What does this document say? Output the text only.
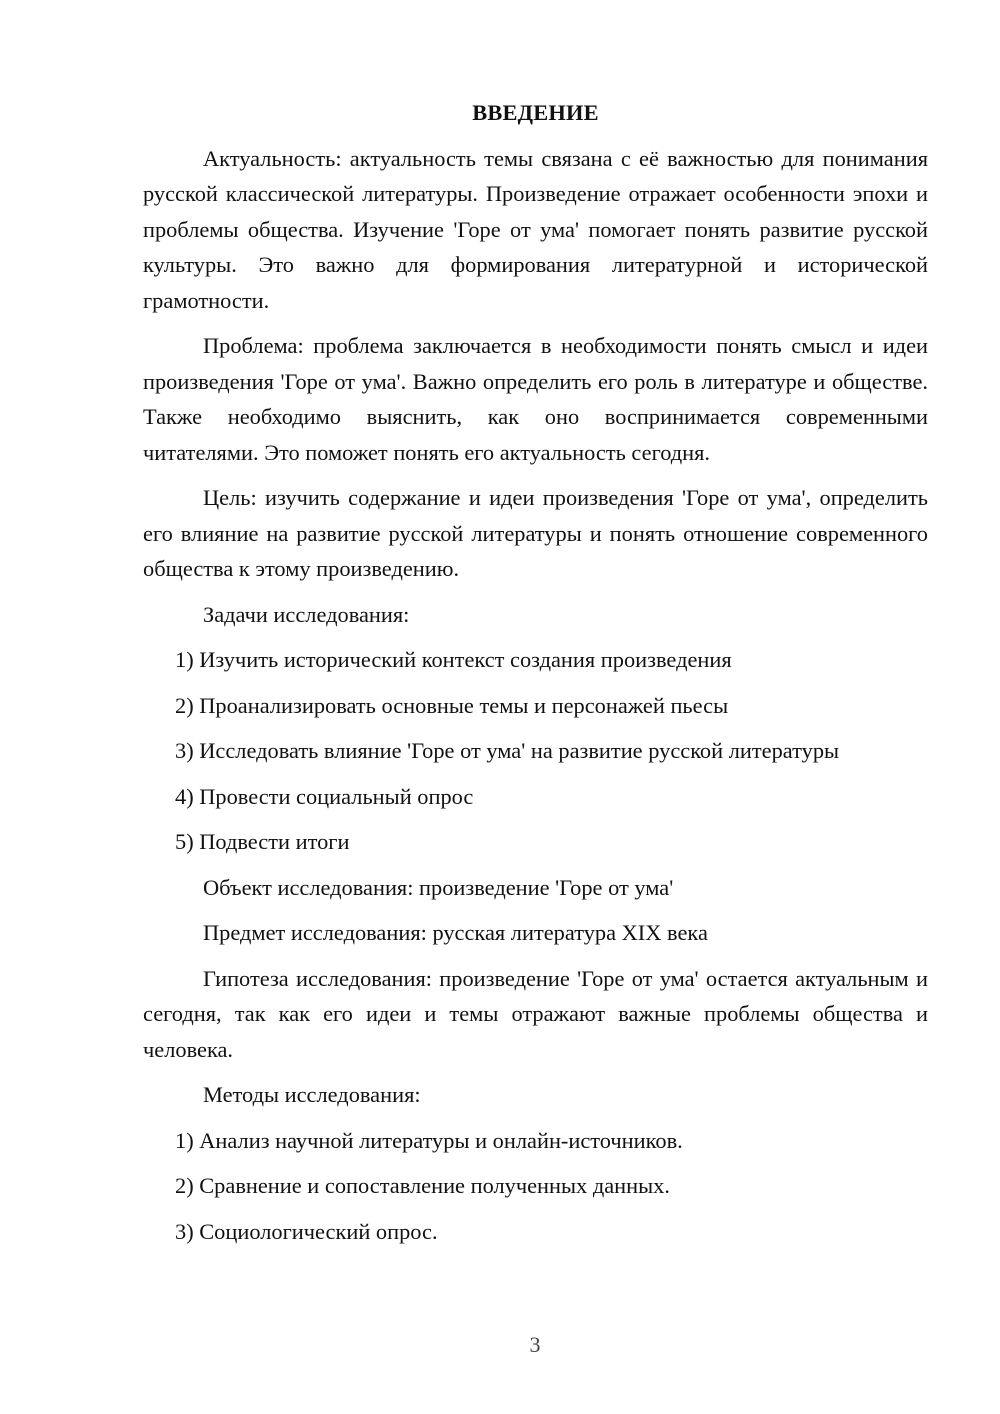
ВВЕДЕНИЕ

Актуальность: актуальность темы связана с её важностью для понимания русской классической литературы. Произведение отражает особенности эпохи и проблемы общества. Изучение 'Горе от ума' помогает понять развитие русской культуры. Это важно для формирования литературной и исторической грамотности.

Проблема: проблема заключается в необходимости понять смысл и идеи произведения 'Горе от ума'. Важно определить его роль в литературе и обществе. Также необходимо выяснить, как оно воспринимается современными читателями. Это поможет понять его актуальность сегодня.

Цель: изучить содержание и идеи произведения 'Горе от ума', определить его влияние на развитие русской литературы и понять отношение современного общества к этому произведению.

Задачи исследования:

1) Изучить исторический контекст создания произведения

2) Проанализировать основные темы и персонажей пьесы

3) Исследовать влияние 'Горе от ума' на развитие русской литературы

4) Провести социальный опрос

5) Подвести итоги

Объект исследования: произведение 'Горе от ума'

Предмет исследования: русская литература XIX века

Гипотеза исследования: произведение 'Горе от ума' остается актуальным и сегодня, так как его идеи и темы отражают важные проблемы общества и человека.

Методы исследования:

1) Анализ научной литературы и онлайн-источников.

2) Сравнение и сопоставление полученных данных.

3) Социологический опрос.

3
